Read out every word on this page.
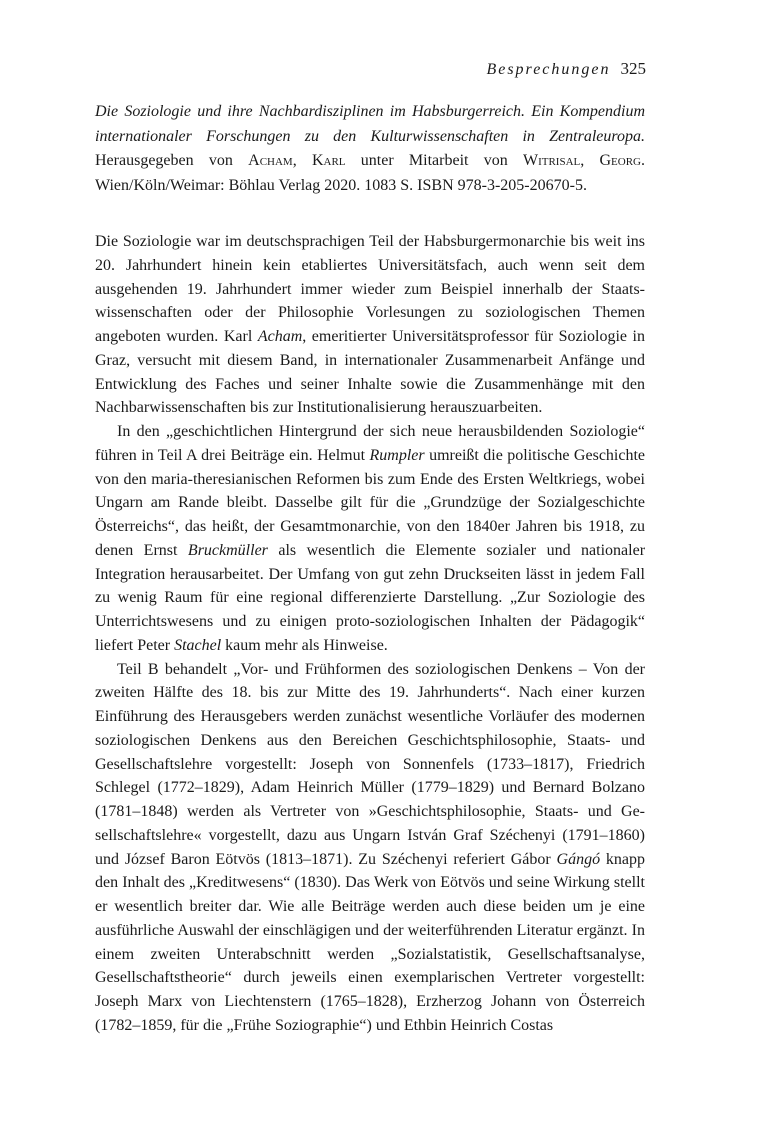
Besprechungen 325
Die Soziologie und ihre Nachbardisziplinen im Habsburgerreich. Ein Kompendium internationaler Forschungen zu den Kulturwissenschaften in Zentraleuropa. Herausgegeben von Acham, Karl unter Mitarbeit von Witrisal, Georg. Wien/Köln/Weimar: Böhlau Verlag 2020. 1083 S. ISBN 978-3-205-20670-5.

Die Soziologie war im deutschsprachigen Teil der Habsburgermonarchie bis weit ins 20. Jahrhundert hinein kein etabliertes Universitätsfach, auch wenn seit dem ausgehenden 19. Jahrhundert immer wieder zum Beispiel innerhalb der Staatswissenschaften oder der Philosophie Vorlesungen zu soziologischen Themen angeboten wurden. Karl Acham, emeritierter Universitätsprofessor für Soziologie in Graz, versucht mit diesem Band, in internationaler Zusammenarbeit Anfänge und Entwicklung des Faches und seiner Inhalte sowie die Zusammenhänge mit den Nachbarwissenschaften bis zur Institutionalisierung herauszuarbeiten.

In den „geschichtlichen Hintergrund der sich neue herausbildenden Soziologie“ führen in Teil A drei Beiträge ein. Helmut Rumpler umreißt die politische Geschichte von den maria-theresianischen Reformen bis zum Ende des Ersten Weltkriegs, wobei Ungarn am Rande bleibt. Dasselbe gilt für die „Grundzüge der Sozialgeschichte Österreichs“, das heißt, der Gesamtmonarchie, von den 1840er Jahren bis 1918, zu denen Ernst Bruckmüller als wesentlich die Elemente sozialer und nationaler Integration herausarbeitet. Der Umfang von gut zehn Druckseiten lässt in jedem Fall zu wenig Raum für eine regional differenzierte Darstellung. „Zur Soziologie des Unterrichtswesens und zu einigen proto-soziologischen Inhalten der Pädagogik“ liefert Peter Stachel kaum mehr als Hinweise.

Teil B behandelt „Vor- und Frühformen des soziologischen Denkens – Von der zweiten Hälfte des 18. bis zur Mitte des 19. Jahrhunderts“. Nach einer kurzen Einführung des Herausgebers werden zunächst wesentliche Vorläufer des modernen soziologischen Denkens aus den Bereichen Geschichtsphilosophie, Staats- und Gesellschaftslehre vorgestellt: Joseph von Sonnenfels (1733–1817), Friedrich Schlegel (1772–1829), Adam Heinrich Müller (1779–1829) und Bernard Bolzano (1781–1848) werden als Vertreter von »Geschichtsphilosophie, Staats- und Gesellschaftslehre« vorgestellt, dazu aus Ungarn István Graf Széchenyi (1791–1860) und József Baron Eötvös (1813–1871). Zu Széchenyi referiert Gábor Gángó knapp den Inhalt des „Kreditwesens“ (1830). Das Werk von Eötvös und seine Wirkung stellt er wesentlich breiter dar. Wie alle Beiträge werden auch diese beiden um je eine ausführliche Auswahl der einschlägigen und der weiterführenden Literatur ergänzt. In einem zweiten Unterabschnitt werden „Sozialstatistik, Gesellschaftsanalyse, Gesellschaftstheorie“ durch jeweils einen exemplarischen Vertreter vorgestellt: Joseph Marx von Liechtenstern (1765–1828), Erzherzog Johann von Österreich (1782–1859, für die „Frühe Soziographie“) und Ethbin Heinrich Costas
